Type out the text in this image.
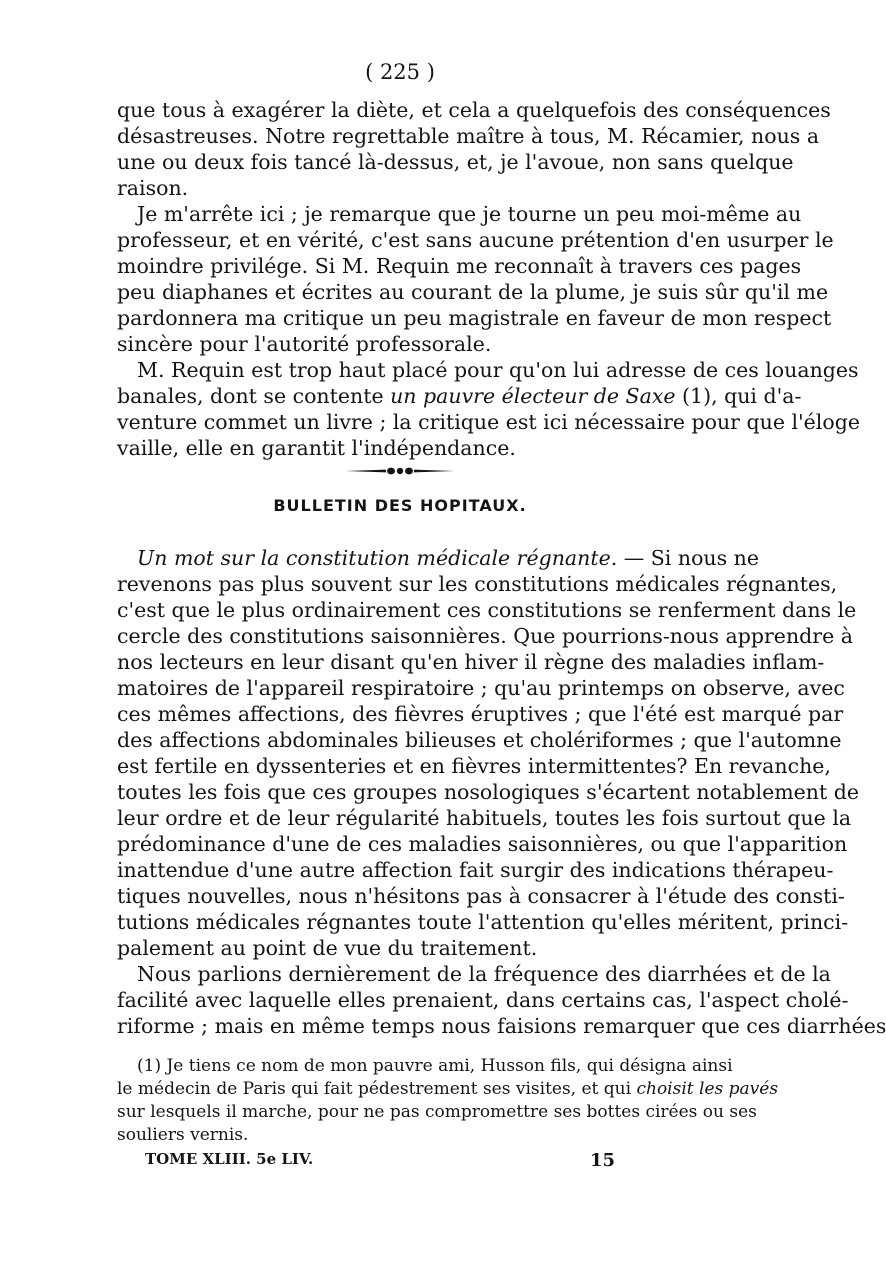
( 225 )
que tous à exagérer la diète, et cela a quelquefois des conséquences
désastreuses. Notre regrettable maître à tous, M. Récamier, nous a
une ou deux fois tancé là-dessus, et, je l'avoue, non sans quelque
raison.
Je m'arrête ici ; je remarque que je tourne un peu moi-même au
professeur, et en vérité, c'est sans aucune prétention d'en usurper le
moindre privilége. Si M. Requin me reconnaît à travers ces pages
peu diaphanes et écrites au courant de la plume, je suis sûr qu'il me
pardonnera ma critique un peu magistrale en faveur de mon respect
sincère pour l'autorité professorale.
M. Requin est trop haut placé pour qu'on lui adresse de ces louanges
banales, dont se contente un pauvre électeur de Saxe (1), qui d'a-
venture commet un livre ; la critique est ici nécessaire pour que l'éloge
vaille, elle en garantit l'indépendance.
BULLETIN DES HOPITAUX.
Un mot sur la constitution médicale régnante. — Si nous ne
revenons pas plus souvent sur les constitutions médicales régnantes,
c'est que le plus ordinairement ces constitutions se renferment dans le
cercle des constitutions saisonnières. Que pourrions-nous apprendre à
nos lecteurs en leur disant qu'en hiver il règne des maladies inflam-
matoires de l'appareil respiratoire ; qu'au printemps on observe, avec
ces mêmes affections, des fièvres éruptives ; que l'été est marqué par
des affections abdominales bilieuses et cholériformes ; que l'automne
est fertile en dyssenteries et en fièvres intermittentes? En revanche,
toutes les fois que ces groupes nosologiques s'écartent notablement de
leur ordre et de leur régularité habituels, toutes les fois surtout que la
prédominance d'une de ces maladies saisonnières, ou que l'apparition
inattendue d'une autre affection fait surgir des indications thérapeu-
tiques nouvelles, nous n'hésitons pas à consacrer à l'étude des consti-
tutions médicales régnantes toute l'attention qu'elles méritent, princi-
palement au point de vue du traitement.
Nous parlions dernièrement de la fréquence des diarrhées et de la
facilité avec laquelle elles prenaient, dans certains cas, l'aspect cholé-
riforme ; mais en même temps nous faisions remarquer que ces diarrhées
(1) Je tiens ce nom de mon pauvre ami, Husson fils, qui désigna ainsi
le médecin de Paris qui fait pédestrement ses visites, et qui choisit les pavés
sur lesquels il marche, pour ne pas compromettre ses bottes cirées ou ses
souliers vernis.
TOME XLIII. 5e LIV.	15
